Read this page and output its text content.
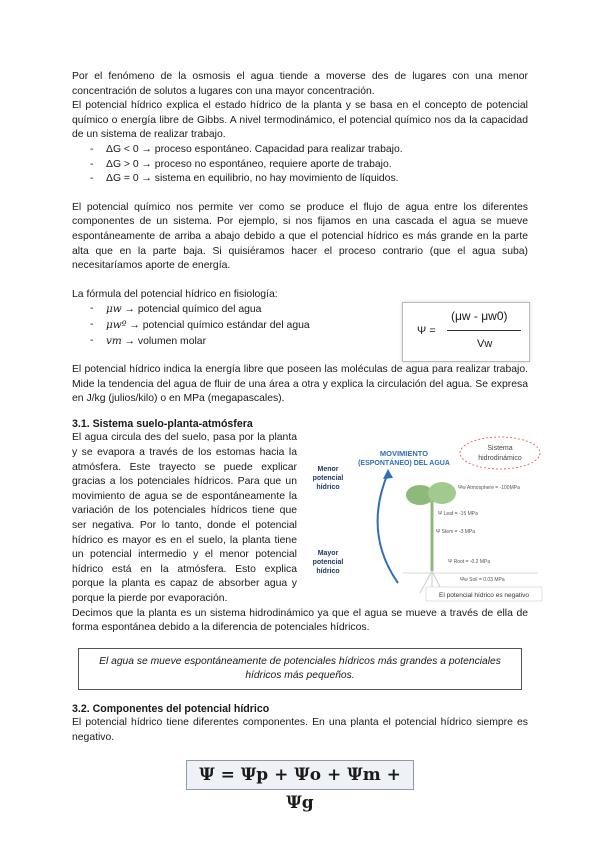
Por el fenómeno de la osmosis el agua tiende a moverse des de lugares con una menor concentración de solutos a lugares con una mayor concentración.

El potencial hídrico explica el estado hídrico de la planta y se basa en el concepto de potencial químico o energía libre de Gibbs. A nivel termodinámico, el potencial químico nos da la capacidad de un sistema de realizar trabajo.

- ΔG < 0 → proceso espontáneo. Capacidad para realizar trabajo.
- ΔG > 0 → proceso no espontáneo, requiere aporte de trabajo.
- ΔG = 0 → sistema en equilibrio, no hay movimiento de líquidos.

El potencial químico nos permite ver como se produce el flujo de agua entre los diferentes componentes de un sistema. Por ejemplo, si nos fijamos en una cascada el agua se mueve espontáneamente de arriba a abajo debido a que el potencial hídrico es más grande en la parte alta que en la parte baja. Si quisiéramos hacer el proceso contrario (que el agua suba) necesitaríamos aporte de energía.

La fórmula del potencial hídrico en fisiología:

- μw → potencial químico del agua
- μwº → potencial químico estándar del agua
- vm → volumen molar

El potencial hídrico indica la energía libre que poseen las moléculas de agua para realizar trabajo. Mide la tendencia del agua de fluir de una área a otra y explica la circulación del agua. Se expresa en J/kg (julios/kilo) o en MPa (megapascales).

Ψ =
(μw - μw0)
Vw
3.1. Sistema suelo-planta-atmósfera

El agua circula des del suelo, pasa por la planta y se evapora a través de los estomas hacia la atmósfera. Este trayecto se puede explicar gracias a los potenciales hídricos. Para que un movimiento de agua se de espontáneamente la variación de los potenciales hídricos tiene que ser negativa. Por lo tanto, donde el potencial hídrico es mayor es en el suelo, la planta tiene un potencial intermedio y el menor potencial hídrico está en la atmósfera. Esto explica porque la planta es capaz de absorber agua y porque la pierde por evaporación.

Sistema
hidrodinámico
MOVIMIENTO
(ESPONTÁNEO) DEL AGUA
Menor potencial hídrico
Mayor potencial hídrico
Ψw Atmosphere = -100MPa
Ψ Leaf = -15 MPa
Ψ Stem = -3 MPa
Ψ Root = -0.2 MPa
Ψw Soil = 0.03 MPa
El potencial hídrico es negativo

Decimos que la planta es un sistema hidrodinámico ya que el agua se mueve a través de ella de forma espontánea debido a la diferencia de potenciales hídricos.

El agua se mueve espontáneamente de potenciales hídricos más grandes a potenciales hídricos más pequeños.
3.2. Componentes del potencial hídrico

El potencial hídrico tiene diferentes componentes. En una planta el potencial hídrico siempre es negativo.

Ψ = Ψp + Ψo + Ψm + Ψg
